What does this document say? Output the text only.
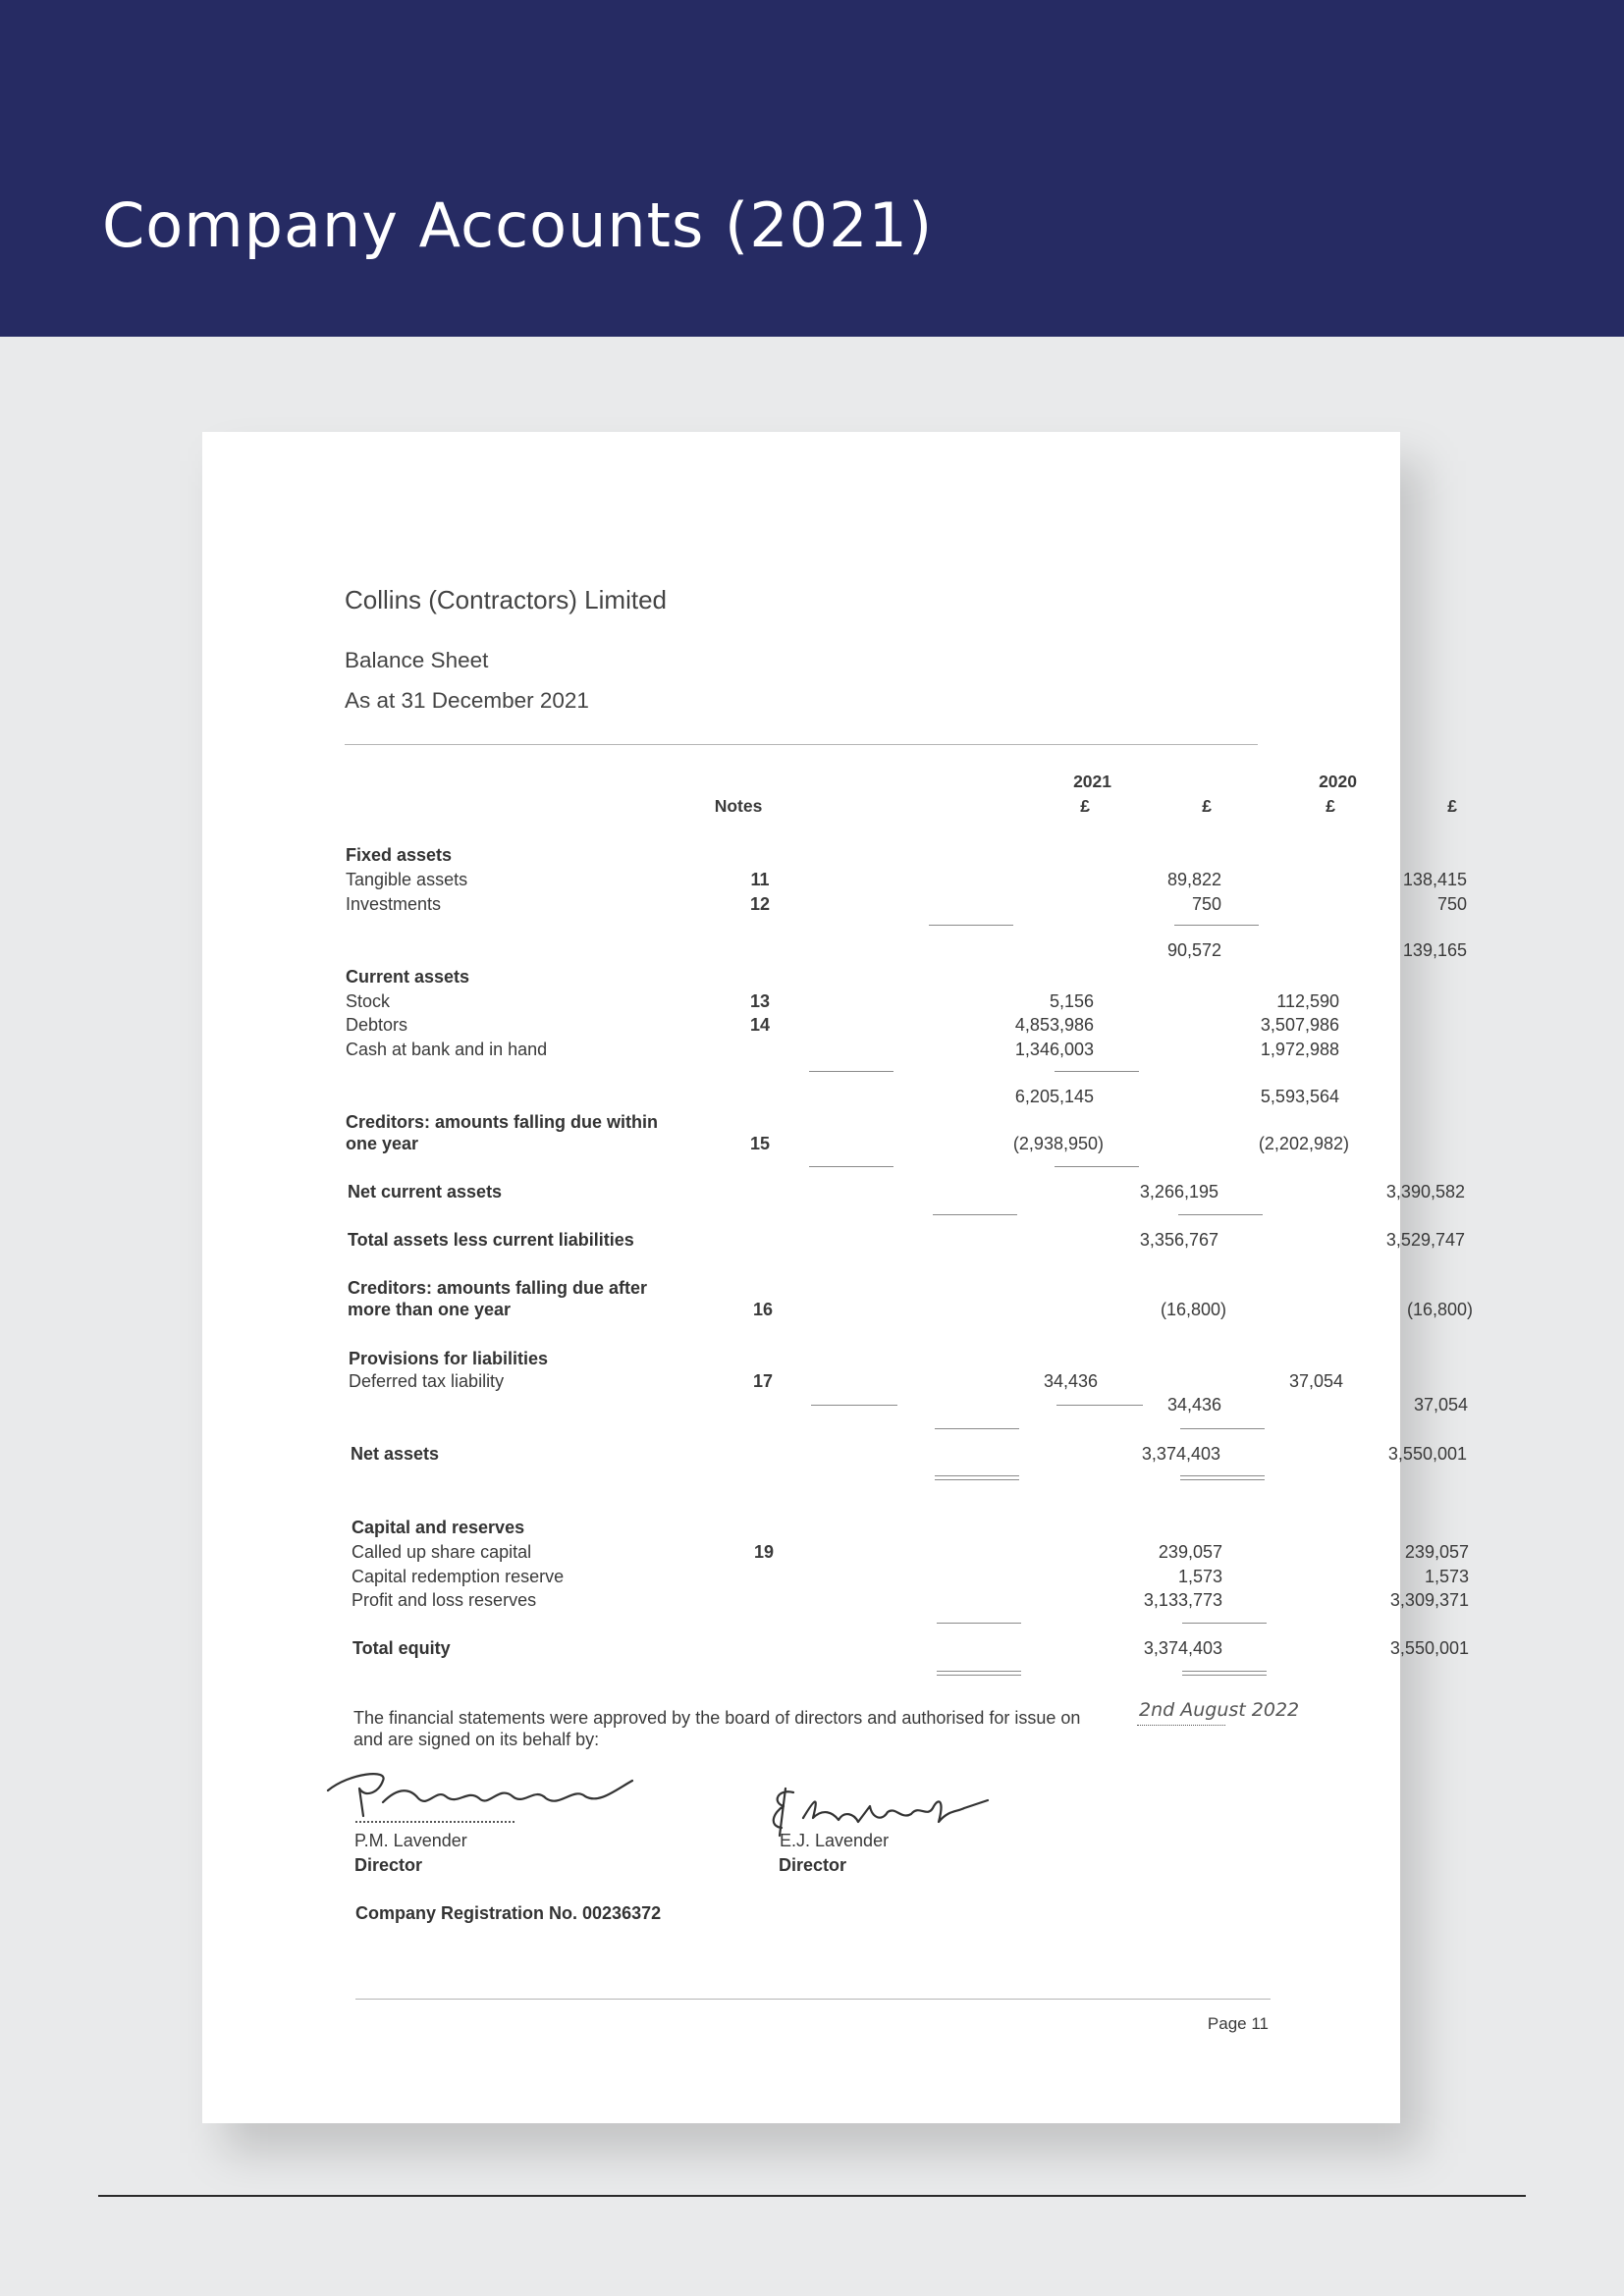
Company Accounts (2021)
Collins (Contractors) Limited
Balance Sheet
As at 31 December 2021
2021	2020
Notes	£	£	£	£
Fixed assets
Tangible assets	11	89,822	138,415
Investments	12	750	750
90,572	139,165
Current assets
Stock	13	5,156	112,590
Debtors	14	4,853,986	3,507,986
Cash at bank and in hand	1,346,003	1,972,988
6,205,145	5,593,564
Creditors: amounts falling due within
one year	15	(2,938,950)	(2,202,982)
Net current assets	3,266,195	3,390,582
Total assets less current liabilities	3,356,767	3,529,747
Creditors: amounts falling due after
more than one year	16	(16,800)	(16,800)
Provisions for liabilities
Deferred tax liability	17	34,436	37,054
34,436	37,054
Net assets	3,374,403	3,550,001
Capital and reserves
Called up share capital	19	239,057	239,057
Capital redemption reserve	1,573	1,573
Profit and loss reserves	3,133,773	3,309,371
Total equity	3,374,403	3,550,001
The financial statements were approved by the board of directors and authorised for issue on
and are signed on its behalf by:
2nd August 2022
P.M.Lavender
P.M. Lavender
Director
E.Lavender E.J. Lavender
Director
Company Registration No. 00236372
Page 11
